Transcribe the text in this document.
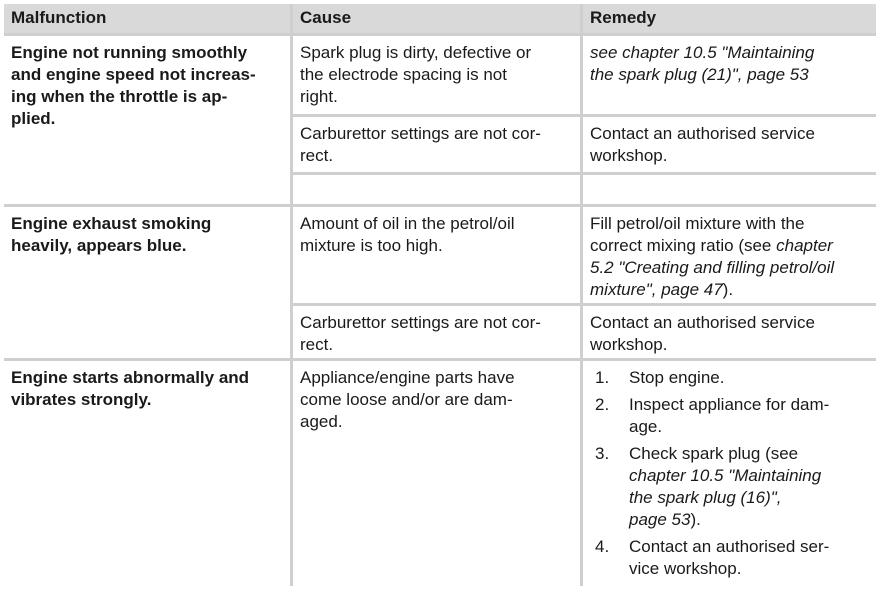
Malfunction	Cause	Remedy
Engine not running smoothly
and engine speed not increas-
ing when the throttle is ap-
plied.
Spark plug is dirty, defective or
the electrode spacing is not
right.
see chapter 10.5 "Maintaining
the spark plug (21)", page 53
Carburettor settings are not cor-
rect.
Contact an authorised service
workshop.
Engine exhaust smoking
heavily, appears blue.
Amount of oil in the petrol/oil
mixture is too high.
Fill petrol/oil mixture with the
correct mixing ratio (see chapter
5.2 "Creating and filling petrol/oil
mixture", page 47).
Carburettor settings are not cor-
rect.
Contact an authorised service
workshop.
Engine starts abnormally and
vibrates strongly.
Appliance/engine parts have
come loose and/or are dam-
aged.
1. Stop engine.
2. Inspect appliance for dam-
age.
3. Check spark plug (see
chapter 10.5 "Maintaining
the spark plug (16)",
page 53).
4. Contact an authorised ser-
vice workshop.
